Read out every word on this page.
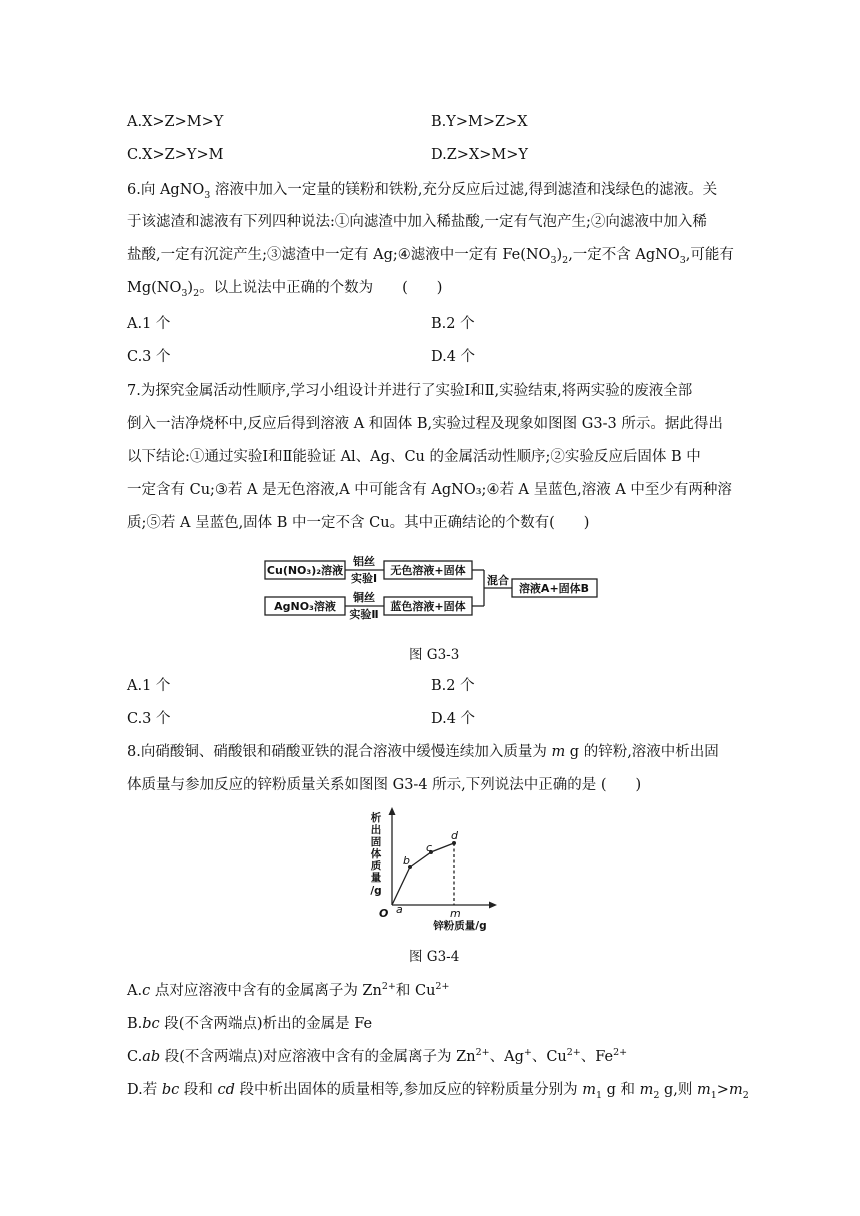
A.X>Z>M>Y	B.Y>M>Z>X
C.X>Z>Y>M	D.Z>X>M>Y
6.向 AgNO$_3$ 溶液中加入一定量的镁粉和铁粉,充分反应后过滤,得到滤渣和浅绿色的滤液。关
于该滤渣和滤液有下列四种说法:①向滤渣中加入稀盐酸,一定有气泡产生;②向滤液中加入稀
盐酸,一定有沉淀产生;③滤渣中一定有 Ag;④滤液中一定有 $Fe(NO_3)_2$,一定不含 AgNO$_3$,可能有
$Mg(NO_3)_2$。以上说法中正确的个数为　　(　　)
A.1 个	B.2 个
C.3 个	D.4 个
7.为探究金属活动性顺序,学习小组设计并进行了实验Ⅰ和Ⅱ,实验结束,将两实验的废液全部
倒入一洁净烧杯中,反应后得到溶液 A 和固体 B,实验过程及现象如图图 G3-3 所示。据此得出
以下结论:①通过实验Ⅰ和Ⅱ能验证 Al、Ag、Cu 的金属活动性顺序;②实验反应后固体 B 中
一定含有 Cu;③若 A 是无色溶液,A 中可能含有 AgNO₃;④若 A 呈蓝色,溶液 A 中至少有两种溶
质;⑤若 A 呈蓝色,固体 B 中一定不含 Cu。其中正确结论的个数有(　　)
Cu(NO₃)₂溶液
AgNO₃溶液
铝丝
实验Ⅰ
铜丝
实验Ⅱ
无色溶液+固体
蓝色溶液+固体
混合
溶液A+固体B
图 G3-3
A.1 个	B.2 个
C.3 个	D.4 个
8.向硝酸铜、硝酸银和硝酸亚铁的混合溶液中缓慢连续加入质量为 m g 的锌粉,溶液中析出固
体质量与参加反应的锌粉质量关系如图图 G3-4 所示,下列说法中正确的是 (　　)
析
出
固
体
质
量
/g
O a
b
c
d
m
锌粉质量/g
图 G3-4
A.c 点对应溶液中含有的金属离子为 $Zn^{2+}$和 $Cu^{2+}$
B.bc 段(不含两端点)析出的金属是 Fe
C.ab 段(不含两端点)对应溶液中含有的金属离子为 $Zn^{2+}$、Ag+、$Cu^{2+}$、$Fe^{2+}$
D.若 bc 段和 cd 段中析出固体的质量相等,参加反应的锌粉质量分别为 $m_1$ g 和 $m_2$ g,则 $m_1>m_2$
